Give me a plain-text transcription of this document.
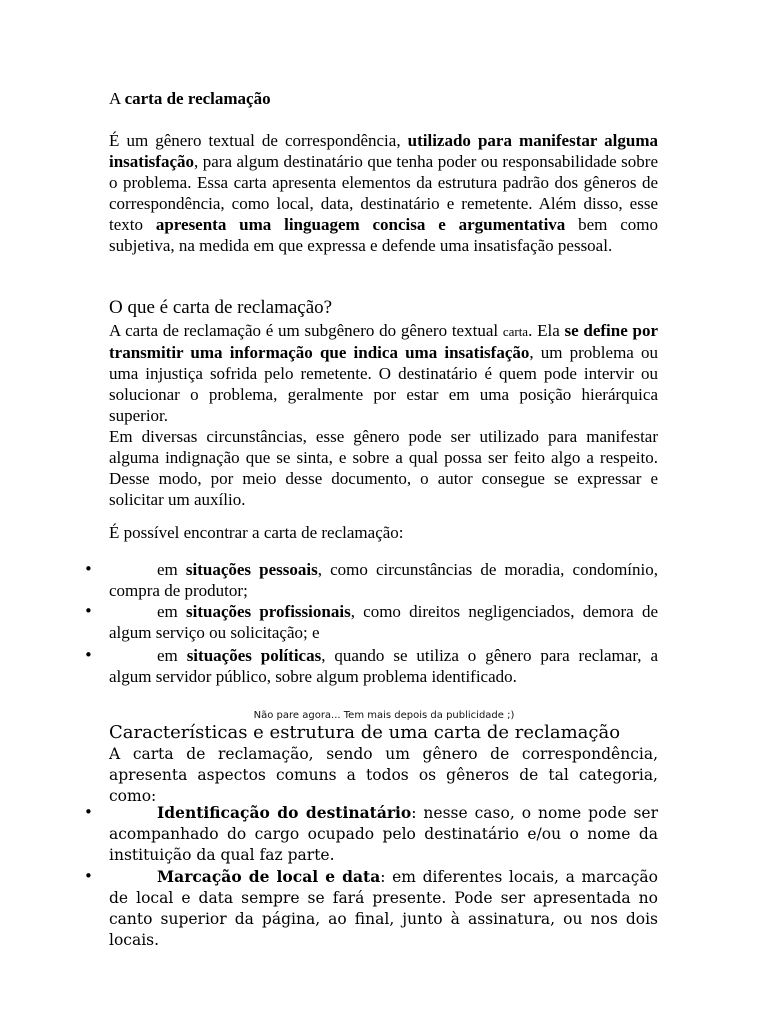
A carta de reclamação

É um gênero textual de correspondência, utilizado para manifestar alguma insatisfação, para algum destinatário que tenha poder ou responsabilidade sobre o problema. Essa carta apresenta elementos da estrutura padrão dos gêneros de correspondência, como local, data, destinatário e remetente. Além disso, esse texto apresenta uma linguagem concisa e argumentativa bem como subjetiva, na medida em que expressa e defende uma insatisfação pessoal.

O que é carta de reclamação?

A carta de reclamação é um subgênero do gênero textual carta. Ela se define por transmitir uma informação que indica uma insatisfação, um problema ou uma injustiça sofrida pelo remetente. O destinatário é quem pode intervir ou solucionar o problema, geralmente por estar em uma posição hierárquica superior.

Em diversas circunstâncias, esse gênero pode ser utilizado para manifestar alguma indignação que se sinta, e sobre a qual possa ser feito algo a respeito. Desse modo, por meio desse documento, o autor consegue se expressar e solicitar um auxílio.

É possível encontrar a carta de reclamação:

•	em situações pessoais, como circunstâncias de moradia, condomínio, compra de produtor;

•	em situações profissionais, como direitos negligenciados, demora de algum serviço ou solicitação; e

•	em situações políticas, quando se utiliza o gênero para reclamar, a algum servidor público, sobre algum problema identificado.

Não pare agora... Tem mais depois da publicidade ;)

Características e estrutura de uma carta de reclamação

A carta de reclamação, sendo um gênero de correspondência, apresenta aspectos comuns a todos os gêneros de tal categoria, como:

•	Identificação do destinatário: nesse caso, o nome pode ser acompanhado do cargo ocupado pelo destinatário e/ou o nome da instituição da qual faz parte.

•	Marcação de local e data: em diferentes locais, a marcação de local e data sempre se fará presente. Pode ser apresentada no canto superior da página, ao final, junto à assinatura, ou nos dois locais.
